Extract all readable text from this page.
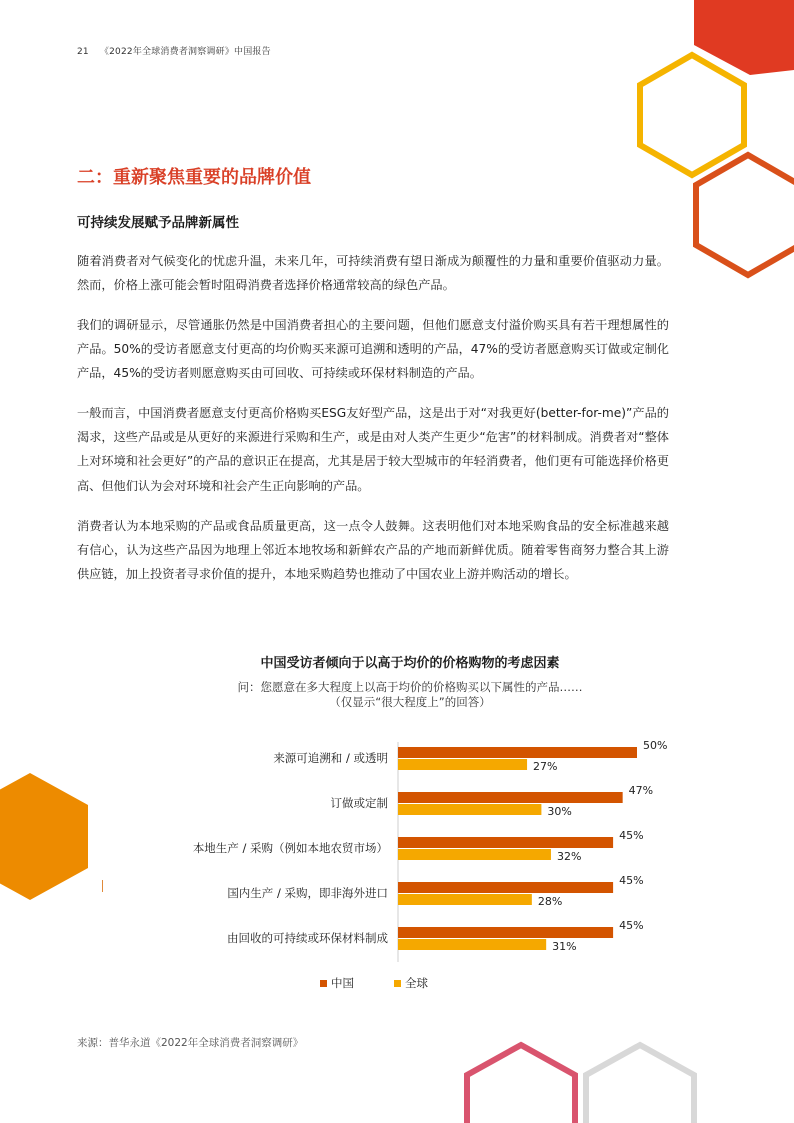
21 《2022年全球消费者洞察调研》中国报告
二：重新聚焦重要的品牌价值
可持续发展赋予品牌新属性

随着消费者对气候变化的忧虑升温，未来几年，可持续消费有望日渐成为颠覆性的力量和重要价值驱动力量。然而，价格上涨可能会暂时阻碍消费者选择价格通常较高的绿色产品。

我们的调研显示，尽管通胀仍然是中国消费者担心的主要问题，但他们愿意支付溢价购买具有若干理想属性的产品。50%的受访者愿意支付更高的均价购买来源可追溯和透明的产品，47%的受访者愿意购买订做或定制化产品，45%的受访者则愿意购买由可回收、可持续或环保材料制造的产品。

一般而言，中国消费者愿意支付更高价格购买ESG友好型产品，这是出于对“对我更好(better-for-me)”产品的渴求，这些产品或是从更好的来源进行采购和生产，或是由对人类产生更少“危害”的材料制成。消费者对“整体上对环境和社会更好”的产品的意识正在提高，尤其是居于较大型城市的年轻消费者，他们更有可能选择价格更高、但他们认为会对环境和社会产生正向影响的产品。

消费者认为本地采购的产品或食品质量更高，这一点令人鼓舞。这表明他们对本地采购食品的安全标准越来越有信心，认为这些产品因为地理上邻近本地牧场和新鲜农产品的产地而新鲜优质。随着零售商努力整合其上游供应链，加上投资者寻求价值的提升，本地采购趋势也推动了中国农业上游并购活动的增长。

中国受访者倾向于以高于均价的价格购物的考虑因素
问：您愿意在多大程度上以高于均价的价格购买以下属性的产品……
（仅显示“很大程度上”的回答）
来源可追溯和 / 或透明
50%
27%
订做或定制
47%
30%
本地生产 / 采购（例如本地农贸市场）
45%
32%
国内生产 / 采购，即非海外进口
45%
28%
由回收的可持续或环保材料制成
45%
31%
中国	全球
来源：普华永道《2022年全球消费者洞察调研》
